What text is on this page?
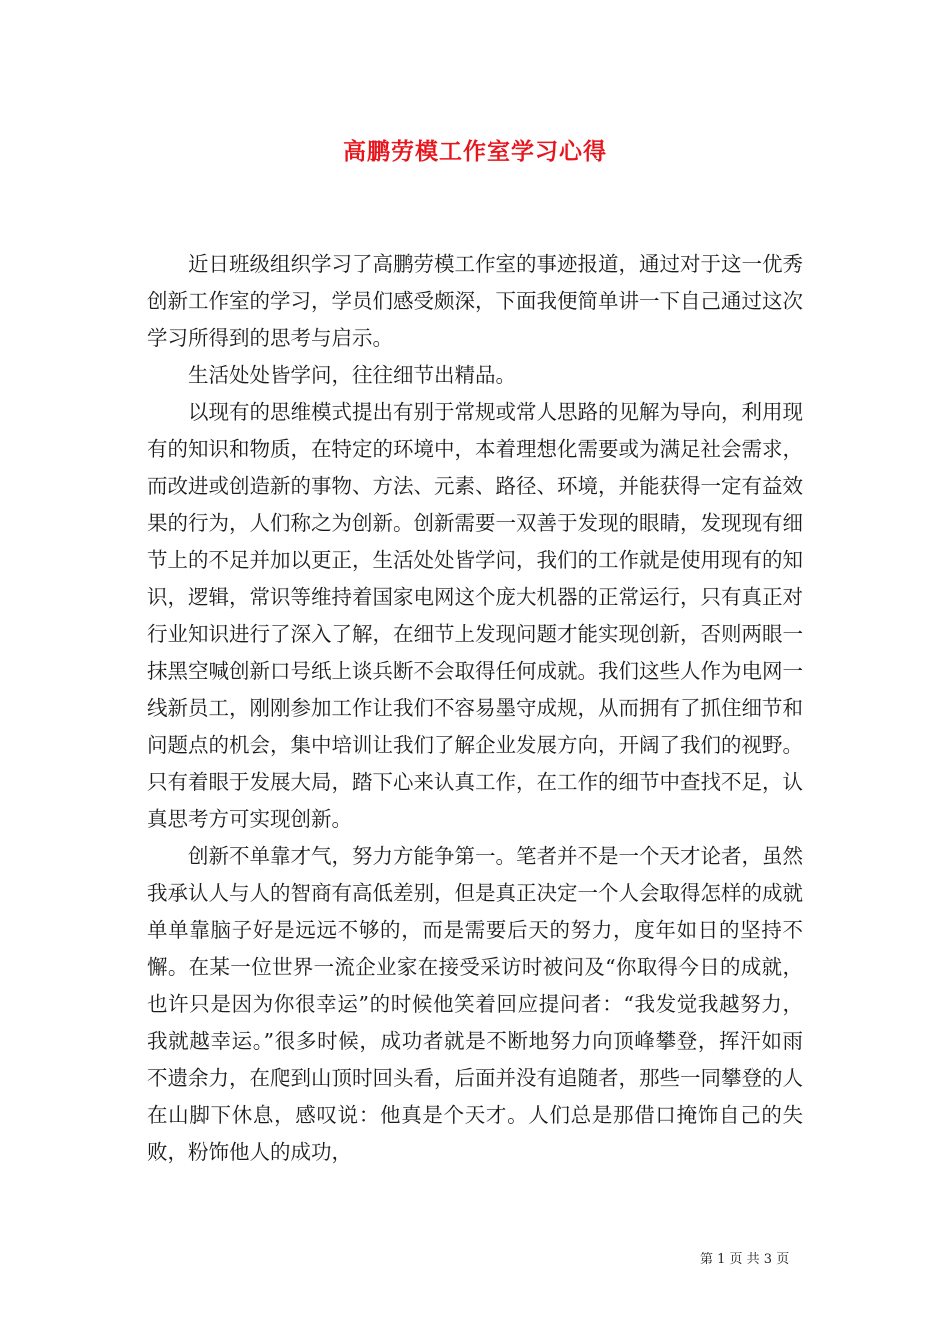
高鹏劳模工作室学习心得

近日班级组织学习了高鹏劳模工作室的事迹报道，通过对于这一优秀创新工作室的学习，学员们感受颇深，下面我便简单讲一下自己通过这次学习所得到的思考与启示。

生活处处皆学问，往往细节出精品。

以现有的思维模式提出有别于常规或常人思路的见解为导向，利用现有的知识和物质，在特定的环境中，本着理想化需要或为满足社会需求，而改进或创造新的事物、方法、元素、路径、环境，并能获得一定有益效果的行为，人们称之为创新。创新需要一双善于发现的眼睛，发现现有细节上的不足并加以更正，生活处处皆学问，我们的工作就是使用现有的知识，逻辑，常识等维持着国家电网这个庞大机器的正常运行，只有真正对行业知识进行了深入了解，在细节上发现问题才能实现创新，否则两眼一抹黑空喊创新口号纸上谈兵断不会取得任何成就。我们这些人作为电网一线新员工，刚刚参加工作让我们不容易墨守成规，从而拥有了抓住细节和问题点的机会，集中培训让我们了解企业发展方向，开阔了我们的视野。只有着眼于发展大局，踏下心来认真工作，在工作的细节中查找不足，认真思考方可实现创新。

创新不单靠才气，努力方能争第一。笔者并不是一个天才论者，虽然我承认人与人的智商有高低差别，但是真正决定一个人会取得怎样的成就单单靠脑子好是远远不够的，而是需要后天的努力，度年如日的坚持不懈。在某一位世界一流企业家在接受采访时被问及“你取得今日的成就，也许只是因为你很幸运”的时候他笑着回应提问者：“我发觉我越努力，我就越幸运。”很多时候，成功者就是不断地努力向顶峰攀登，挥汗如雨不遗余力，在爬到山顶时回头看，后面并没有追随者，那些一同攀登的人在山脚下休息，感叹说：他真是个天才。人们总是那借口掩饰自己的失败，粉饰他人的成功，

第 1 页 共 3 页
